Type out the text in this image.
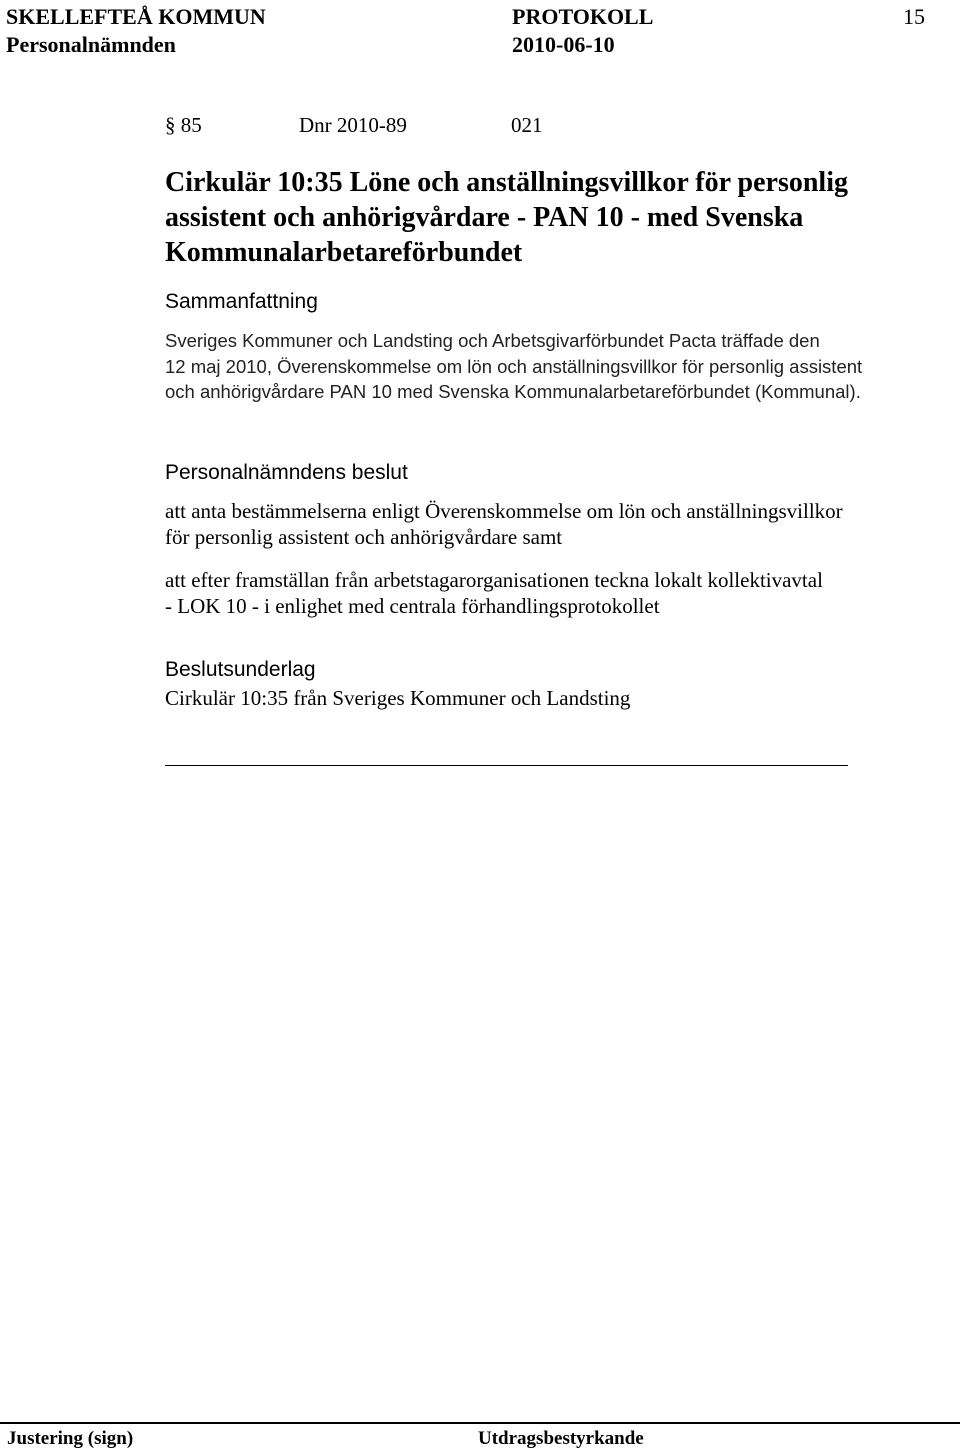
SKELLEFTEÅ KOMMUN
Personalnämnden
PROTOKOLL
2010-06-10
15
§ 85	Dnr 2010-89	021
Cirkulär 10:35 Löne och anställningsvillkor för personlig
assistent och anhörigvårdare - PAN 10 - med Svenska
Kommunalarbetareförbundet
Sammanfattning
Sveriges Kommuner och Landsting och Arbetsgivarförbundet Pacta träffade den
12 maj 2010, Överenskommelse om lön och anställningsvillkor för personlig assistent
och anhörigvårdare PAN 10 med Svenska Kommunalarbetareförbundet (Kommunal).
Personalnämndens beslut
att anta bestämmelserna enligt Överenskommelse om lön och anställningsvillkor
för personlig assistent och anhörigvårdare samt
att efter framställan från arbetstagarorganisationen teckna lokalt kollektivavtal
- LOK 10 - i enlighet med centrala förhandlingsprotokollet
Beslutsunderlag
Cirkulär 10:35 från Sveriges Kommuner och Landsting
Justering (sign)	Utdragsbestyrkande
